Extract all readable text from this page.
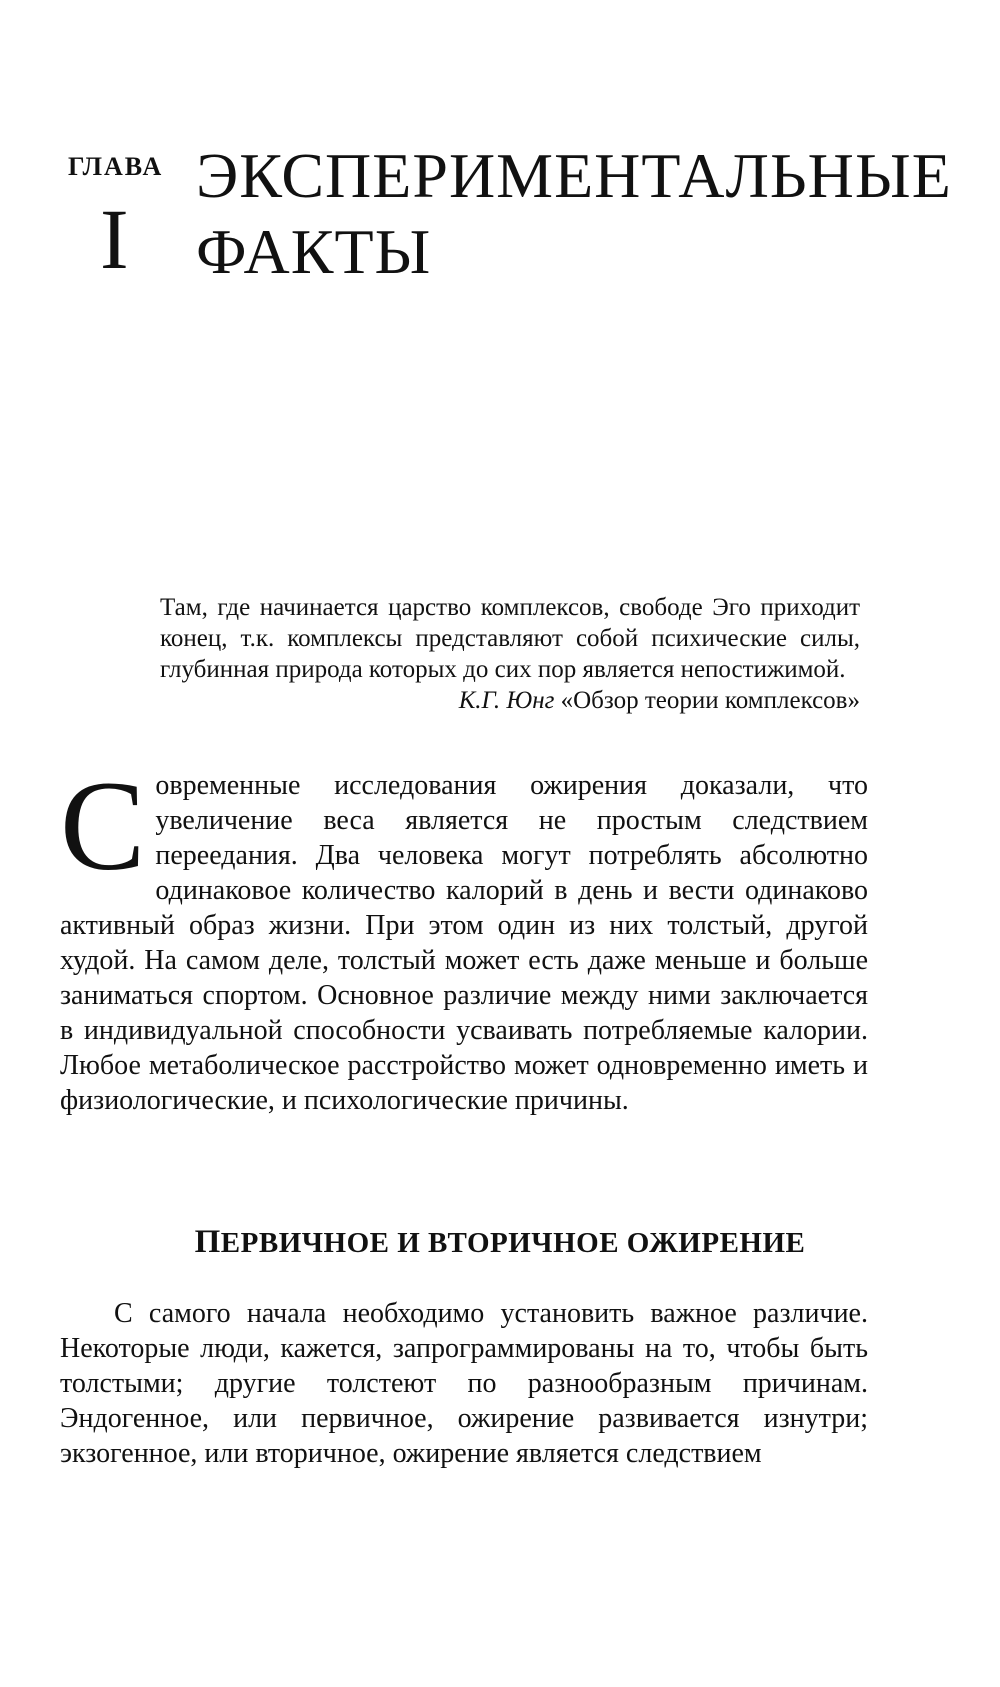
ГЛАВА
I
ЭКСПЕРИМЕНТАЛЬНЫЕ
ФАКТЫ

Там, где начинается царство комплексов, свободе Эго приходит конец, т.к. комплексы представляют собой психические силы, глубинная природа которых до сих пор является непостижимой.

К.Г. Юнг «Обзор теории комплексов»

Современные исследования ожирения доказали, что увеличение веса является не простым следствием переедания. Два человека могут потреблять абсолютно одинаковое количество калорий в день и вести одинаково активный образ жизни. При этом один из них толстый, другой худой. На самом деле, толстый может есть даже меньше и больше заниматься спортом. Основное различие между ними заключается в индивидуальной способности усваивать потребляемые калории. Любое метаболическое расстройство может одновременно иметь и физиологические, и психологические причины.

ПЕРВИЧНОЕ И ВТОРИЧНОЕ ОЖИРЕНИЕ

С самого начала необходимо установить важное различие. Некоторые люди, кажется, запрограммированы на то, чтобы быть толстыми; другие толстеют по разнообразным причинам. Эндогенное, или первичное, ожирение развивается изнутри; экзогенное, или вторичное, ожирение является следствием
